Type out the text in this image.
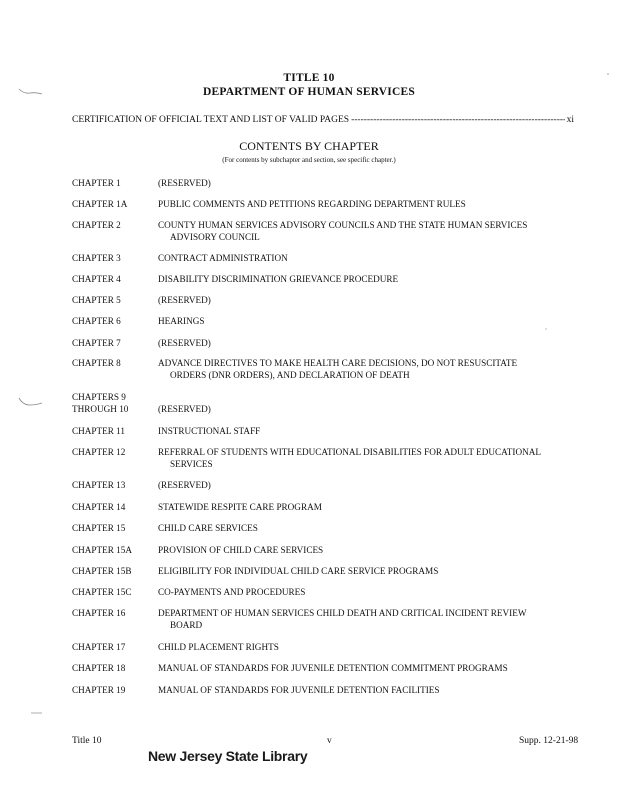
TITLE 10
DEPARTMENT OF HUMAN SERVICES
CERTIFICATION OF OFFICIAL TEXT AND LIST OF VALID PAGES
-----	xi
CONTENTS BY CHAPTER
(For contents by subchapter and section, see specific chapter.)
CHAPTER 1	(RESERVED)
CHAPTER 1A	PUBLIC COMMENTS AND PETITIONS REGARDING DEPARTMENT RULES
CHAPTER 2	COUNTY HUMAN SERVICES ADVISORY COUNCILS AND THE STATE HUMAN SERVICES
ADVISORY COUNCIL
CHAPTER 3	CONTRACT ADMINISTRATION
CHAPTER 4	DISABILITY DISCRIMINATION GRIEVANCE PROCEDURE
CHAPTER 5	(RESERVED)
CHAPTER 6	HEARINGS
CHAPTER 7	(RESERVED)
CHAPTER 8	ADVANCE DIRECTIVES TO MAKE HEALTH CARE DECISIONS, DO NOT RESUSCITATE
ORDERS (DNR ORDERS), AND DECLARATION OF DEATH
CHAPTERS 9
THROUGH 10	(RESERVED)
CHAPTER 11	INSTRUCTIONAL STAFF
CHAPTER 12	REFERRAL OF STUDENTS WITH EDUCATIONAL DISABILITIES FOR ADULT EDUCATIONAL
SERVICES
CHAPTER 13	(RESERVED)
CHAPTER 14	STATEWIDE RESPITE CARE PROGRAM
CHAPTER 15	CHILD CARE SERVICES
CHAPTER 15A	PROVISION OF CHILD CARE SERVICES
CHAPTER 15B	ELIGIBILITY FOR INDIVIDUAL CHILD CARE SERVICE PROGRAMS
CHAPTER 15C	CO-PAYMENTS AND PROCEDURES
CHAPTER 16	DEPARTMENT OF HUMAN SERVICES CHILD DEATH AND CRITICAL INCIDENT REVIEW
BOARD
CHAPTER 17	CHILD PLACEMENT RIGHTS
CHAPTER 18	MANUAL OF STANDARDS FOR JUVENILE DETENTION COMMITMENT PROGRAMS
CHAPTER 19	MANUAL OF STANDARDS FOR JUVENILE DETENTION FACILITIES
Title 10	v	Supp. 12-21-98
New Jersey State Library
